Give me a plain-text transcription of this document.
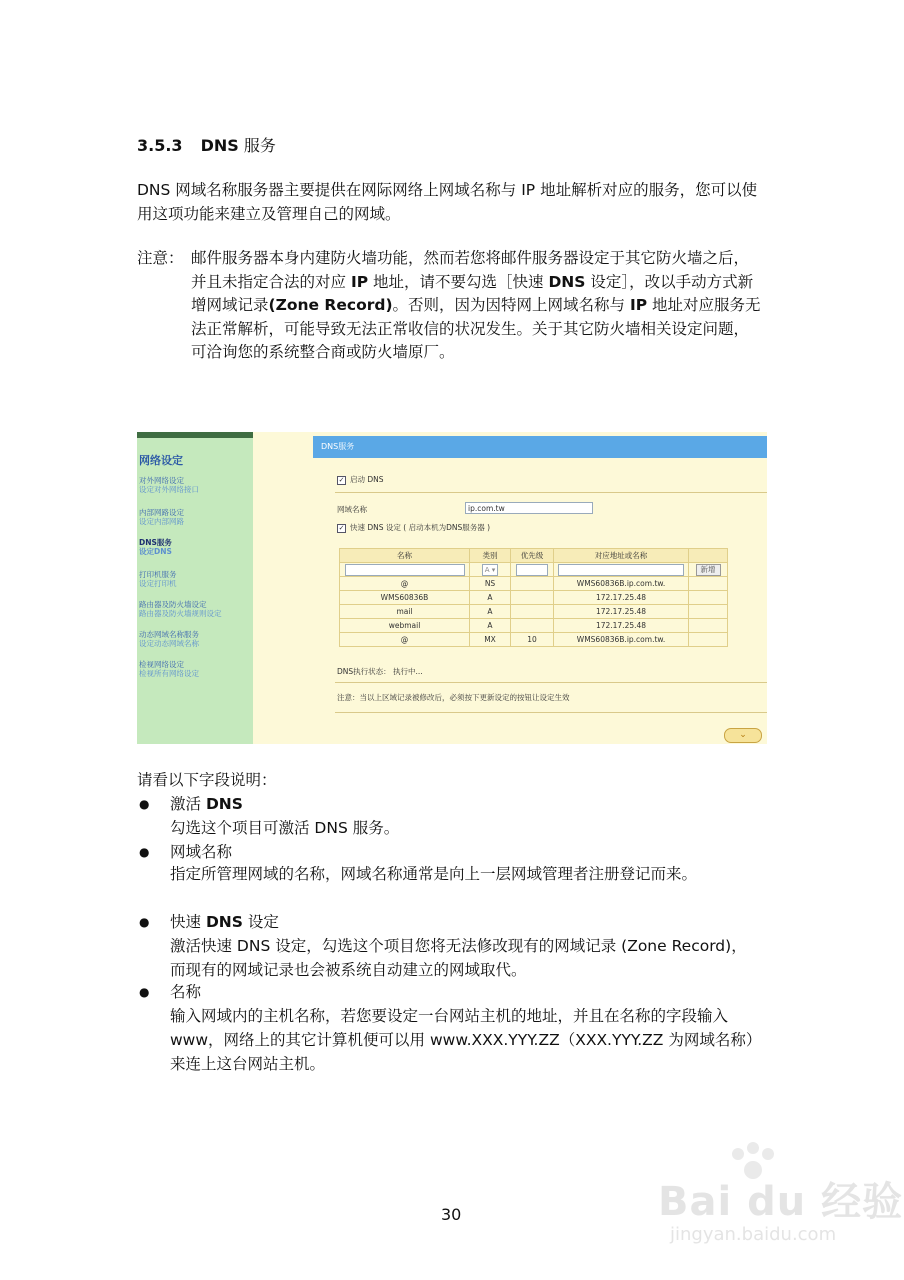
3.5.3 DNS 服务
DNS 网域名称服务器主要提供在网际网络上网域名称与 IP 地址解析对应的服务，您可以使用这项功能来建立及管理自己的网域。
注意： 邮件服务器本身内建防火墙功能，然而若您将邮件服务器设定于其它防火墙之后，并且未指定合法的对应 IP 地址，请不要勾选［快速 DNS 设定］，改以手动方式新增网域记录(Zone Record)。否则，因为因特网上网域名称与 IP 地址对应服务无法正常解析，可能导致无法正常收信的状况发生。关于其它防火墙相关设定问题，可洽询您的系统整合商或防火墙原厂。
网络设定
对外网络设定
设定对外网络接口
内部网路设定
设定内部网路
DNS服务
设定DNS
打印机服务
设定打印机
路由器及防火墙设定
路由器及防火墙规则设定
动态网域名称服务
设定动态网域名称
检视网络设定
检视所有网络设定
DNS服务
✓ 启动 DNS
网域名称	ip.com.tw
✓ 快速 DNS 设定 ( 启动本机为DNS服务器 )
名称	类别	优先级	对应地址或名称	
	A ▾			新增
@	NS		WMS60836B.ip.com.tw.	
WMS60836B	A		172.17.25.48	
mail	A		172.17.25.48	
webmail	A		172.17.25.48	
@	MX	10	WMS60836B.ip.com.tw.	
DNS执行状态： 执行中...
注意：当以上区域记录被修改后，必须按下更新设定的按钮让设定生效
⌄
请看以下字段说明：
● 激活 DNS
勾选这个项目可激活 DNS 服务。
● 网域名称
指定所管理网域的名称，网域名称通常是向上一层网域管理者注册登记而来。
● 快速 DNS 设定
激活快速 DNS 设定，勾选这个项目您将无法修改现有的网域记录 (Zone Record)，而现有的网域记录也会被系统自动建立的网域取代。
● 名称
输入网域内的主机名称，若您要设定一台网站主机的地址，并且在名称的字段输入 www，网络上的其它计算机便可以用 www.XXX.YYY.ZZ（XXX.YYY.ZZ 为网域名称）来连上这台网站主机。
30	Bai du 经验
jingyan.baidu.com
